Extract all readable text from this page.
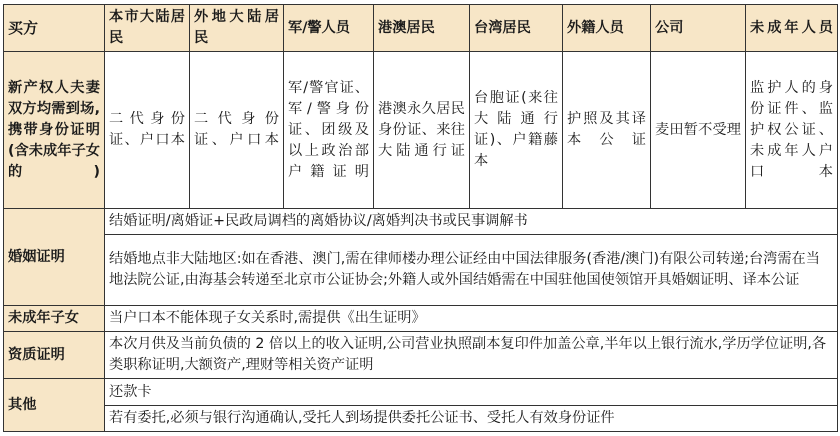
买方	本市大陆居民	外地大陆居民	军/警人员	港澳居民	台湾居民	外籍人员	公司	未成年人员
新产权人夫妻双方均需到场,携带身份证明(含未成年子女的)	二代身份证、户口本	二代身份证、户口本	军/警官证、军/警身份证、团级及以上政治部户籍证明	港澳永久居民身份证、来往大陆通行证	台胞证(来往大陆通行证)、户籍藤本	护照及其译本公证	麦田暂不受理	监护人的身份证件、监护权公证、未成年人户口本
婚姻证明	结婚证明/离婚证+民政局调档的离婚协议/离婚判决书或民事调解书							
	结婚地点非大陆地区:如在香港、澳门,需在律师楼办理公证经由中国法律服务(香港/澳门)有限公司转递;台湾需在当地法院公证,由海基会转递至北京市公证协会;外籍人或外国结婚需在中国驻他国使领馆开具婚姻证明、译本公证							
未成年子女	当户口本不能体现子女关系时,需提供《出生证明》							
资质证明	本次月供及当前负债的 2 倍以上的收入证明,公司营业执照副本复印件加盖公章,半年以上银行流水,学历学位证明,各类职称证明,大额资产,理财等相关资产证明							
其他	还款卡							
	若有委托,必须与银行沟通确认,受托人到场提供委托公证书、受托人有效身份证件							
